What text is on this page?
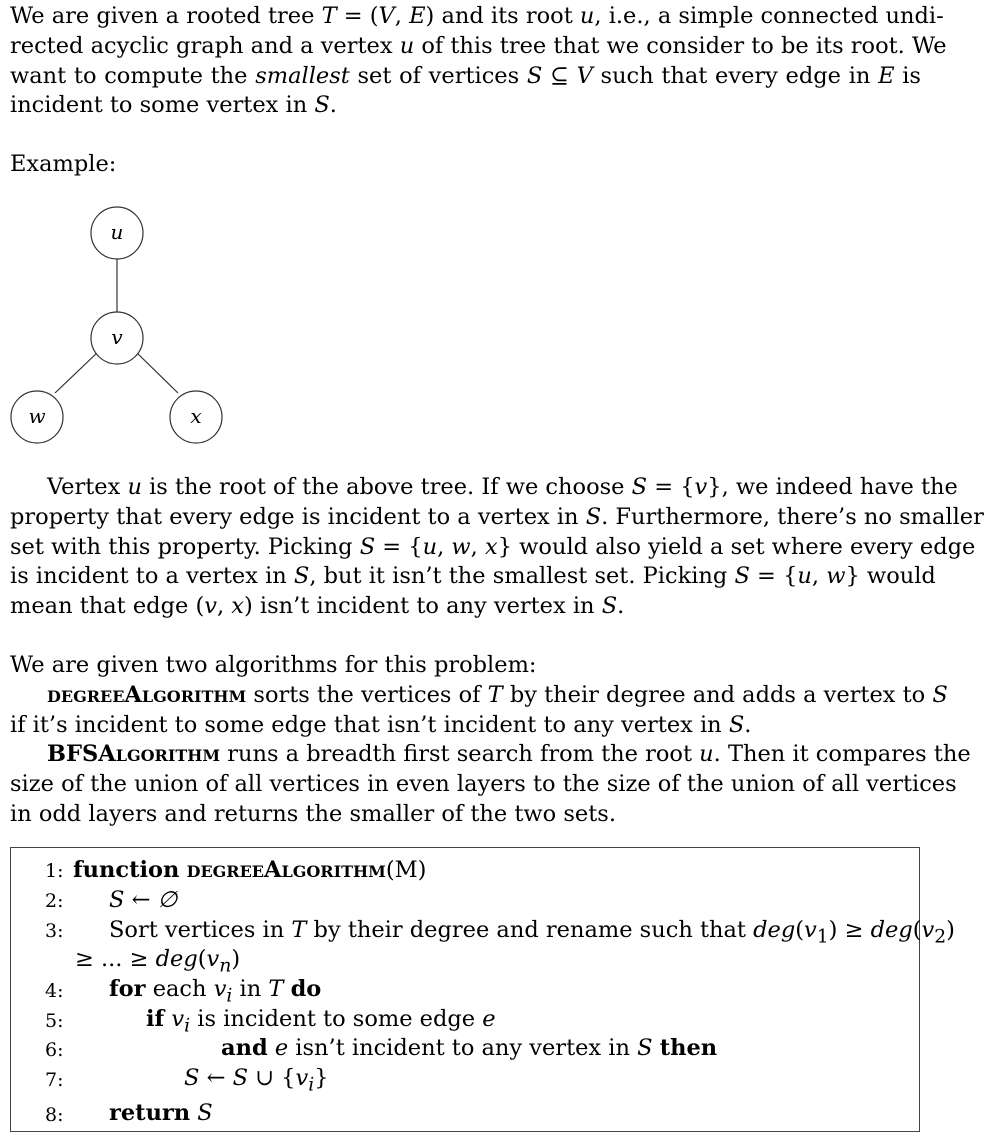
We are given a rooted tree T = (V, E) and its root u, i.e., a simple connected undi-
rected acyclic graph and a vertex u of this tree that we consider to be its root. We
want to compute the smallest set of vertices S ⊆ V such that every edge in E is
incident to some vertex in S.
Example:
u
v
w	x
Vertex u is the root of the above tree. If we choose S = {v}, we indeed have the
property that every edge is incident to a vertex in S. Furthermore, there’s no smaller
set with this property. Picking S = {u, w, x} would also yield a set where every edge
is incident to a vertex in S, but it isn’t the smallest set. Picking S = {u, w} would
mean that edge (v, x) isn’t incident to any vertex in S.
We are given two algorithms for this problem:
degreeAlgorithm sorts the vertices of T by their degree and adds a vertex to S
if it’s incident to some edge that isn’t incident to any vertex in S.
BFSAlgorithm runs a breadth first search from the root u. Then it compares the
size of the union of all vertices in even layers to the size of the union of all vertices
in odd layers and returns the smaller of the two sets.
1: function degreeAlgorithm(M)
2: S ← ∅
3: Sort vertices in T by their degree and rename such that $deg(v_1) \ge deg(v_2)$
≥ ... ≥ $deg(v_n)$
4: for each $v_i$ in T do
5:	if $v_i$ is incident to some edge e
6:	and e isn’t incident to any vertex in S then
7:	S ← S ∪ $\{v_i\}$
8: return S
